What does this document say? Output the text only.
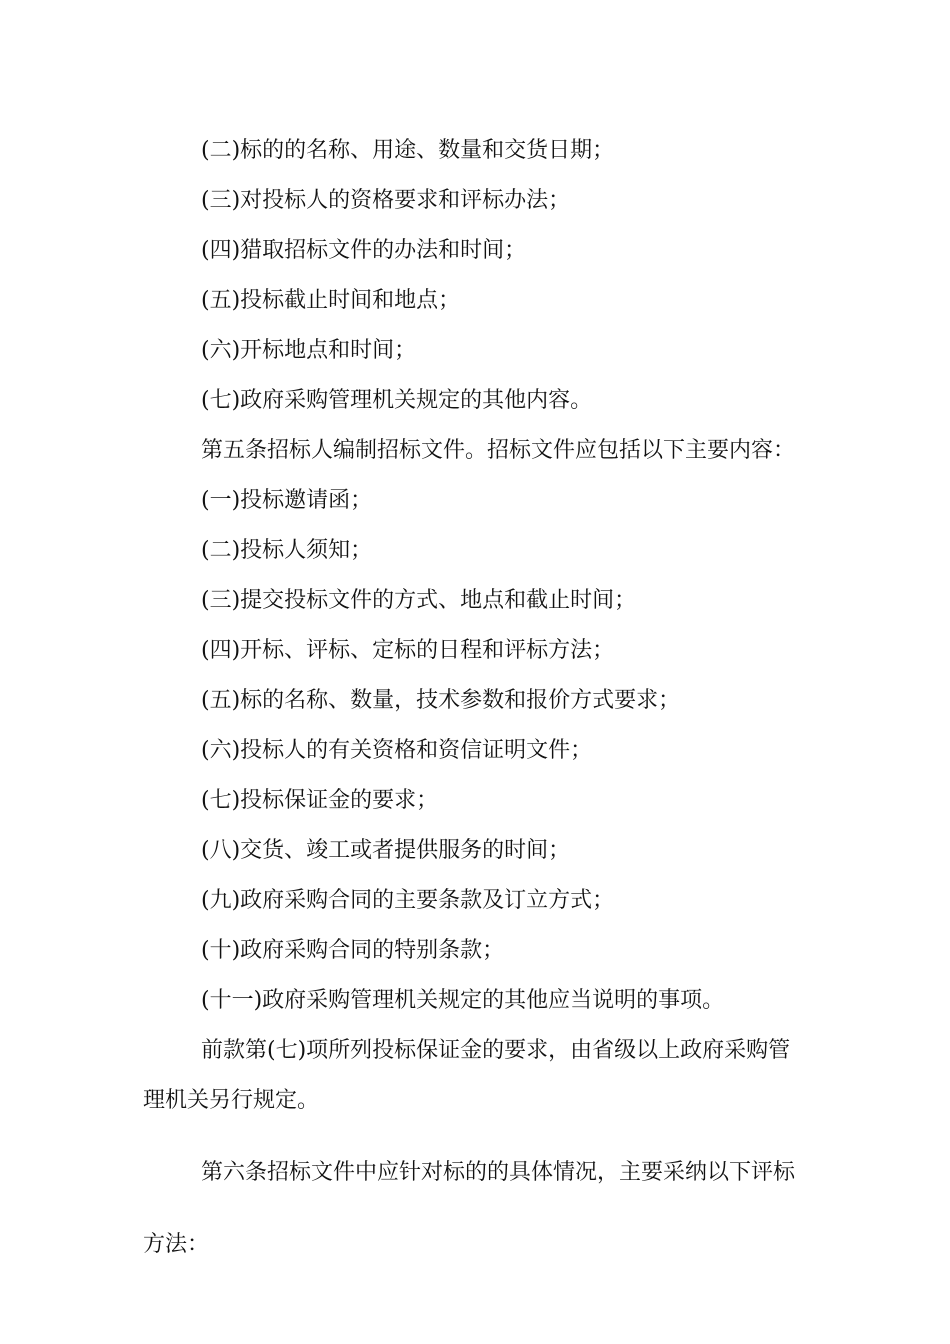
(二)标的的名称、用途、数量和交货日期；
(三)对投标人的资格要求和评标办法；
(四)猎取招标文件的办法和时间；
(五)投标截止时间和地点；
(六)开标地点和时间；
(七)政府采购管理机关规定的其他内容。
第五条招标人编制招标文件。招标文件应包括以下主要内容：
(一)投标邀请函；
(二)投标人须知；
(三)提交投标文件的方式、地点和截止时间；
(四)开标、评标、定标的日程和评标方法；
(五)标的名称、数量，技术参数和报价方式要求；
(六)投标人的有关资格和资信证明文件；
(七)投标保证金的要求；
(八)交货、竣工或者提供服务的时间；
(九)政府采购合同的主要条款及订立方式；
(十)政府采购合同的特别条款；
(十一)政府采购管理机关规定的其他应当说明的事项。
前款第(七)项所列投标保证金的要求，由省级以上政府采购管
理机关另行规定。
第六条招标文件中应针对标的的具体情况，主要采纳以下评标
方法：
